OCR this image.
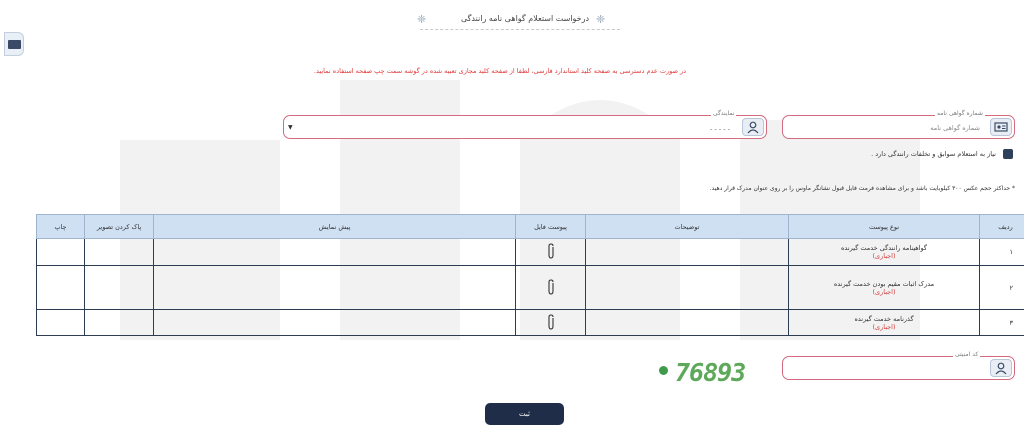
درخواست استعلام گواهی نامه رانندگی ❈
❈
در صورت عدم دسترسی به صفحه کلید استاندارد فارسی، لطفا از صفحه کلید مجازی تعبیه شده در گوشه سمت چپ صفحه استفاده نمایید.
شماره گواهی نامه
شماره گواهی نامه
▼	- - - - -
نمایندگی
نیاز به استعلام سوابق و تخلفات رانندگی دارد .
* حداکثر حجم عکس ۳۰۰ کیلوبایت باشد و برای مشاهده فرمت فایل قبول نشانگر ماوس را بر روی عنوان مدرک قرار دهید.
ردیف	نوع پیوست	توضیحات	پیوست فایل	پیش نمایش	پاک کردن تصویر	چاپ
۱	گواهینامه رانندگی خدمت گیرنده
(اجباری)

۲	مدرک اثبات مقیم بودن خدمت گیرنده
(اجباری)

۳	گذرنامه خدمت گیرنده
(اجباری)

کد امنیتی
76893
ثبت
